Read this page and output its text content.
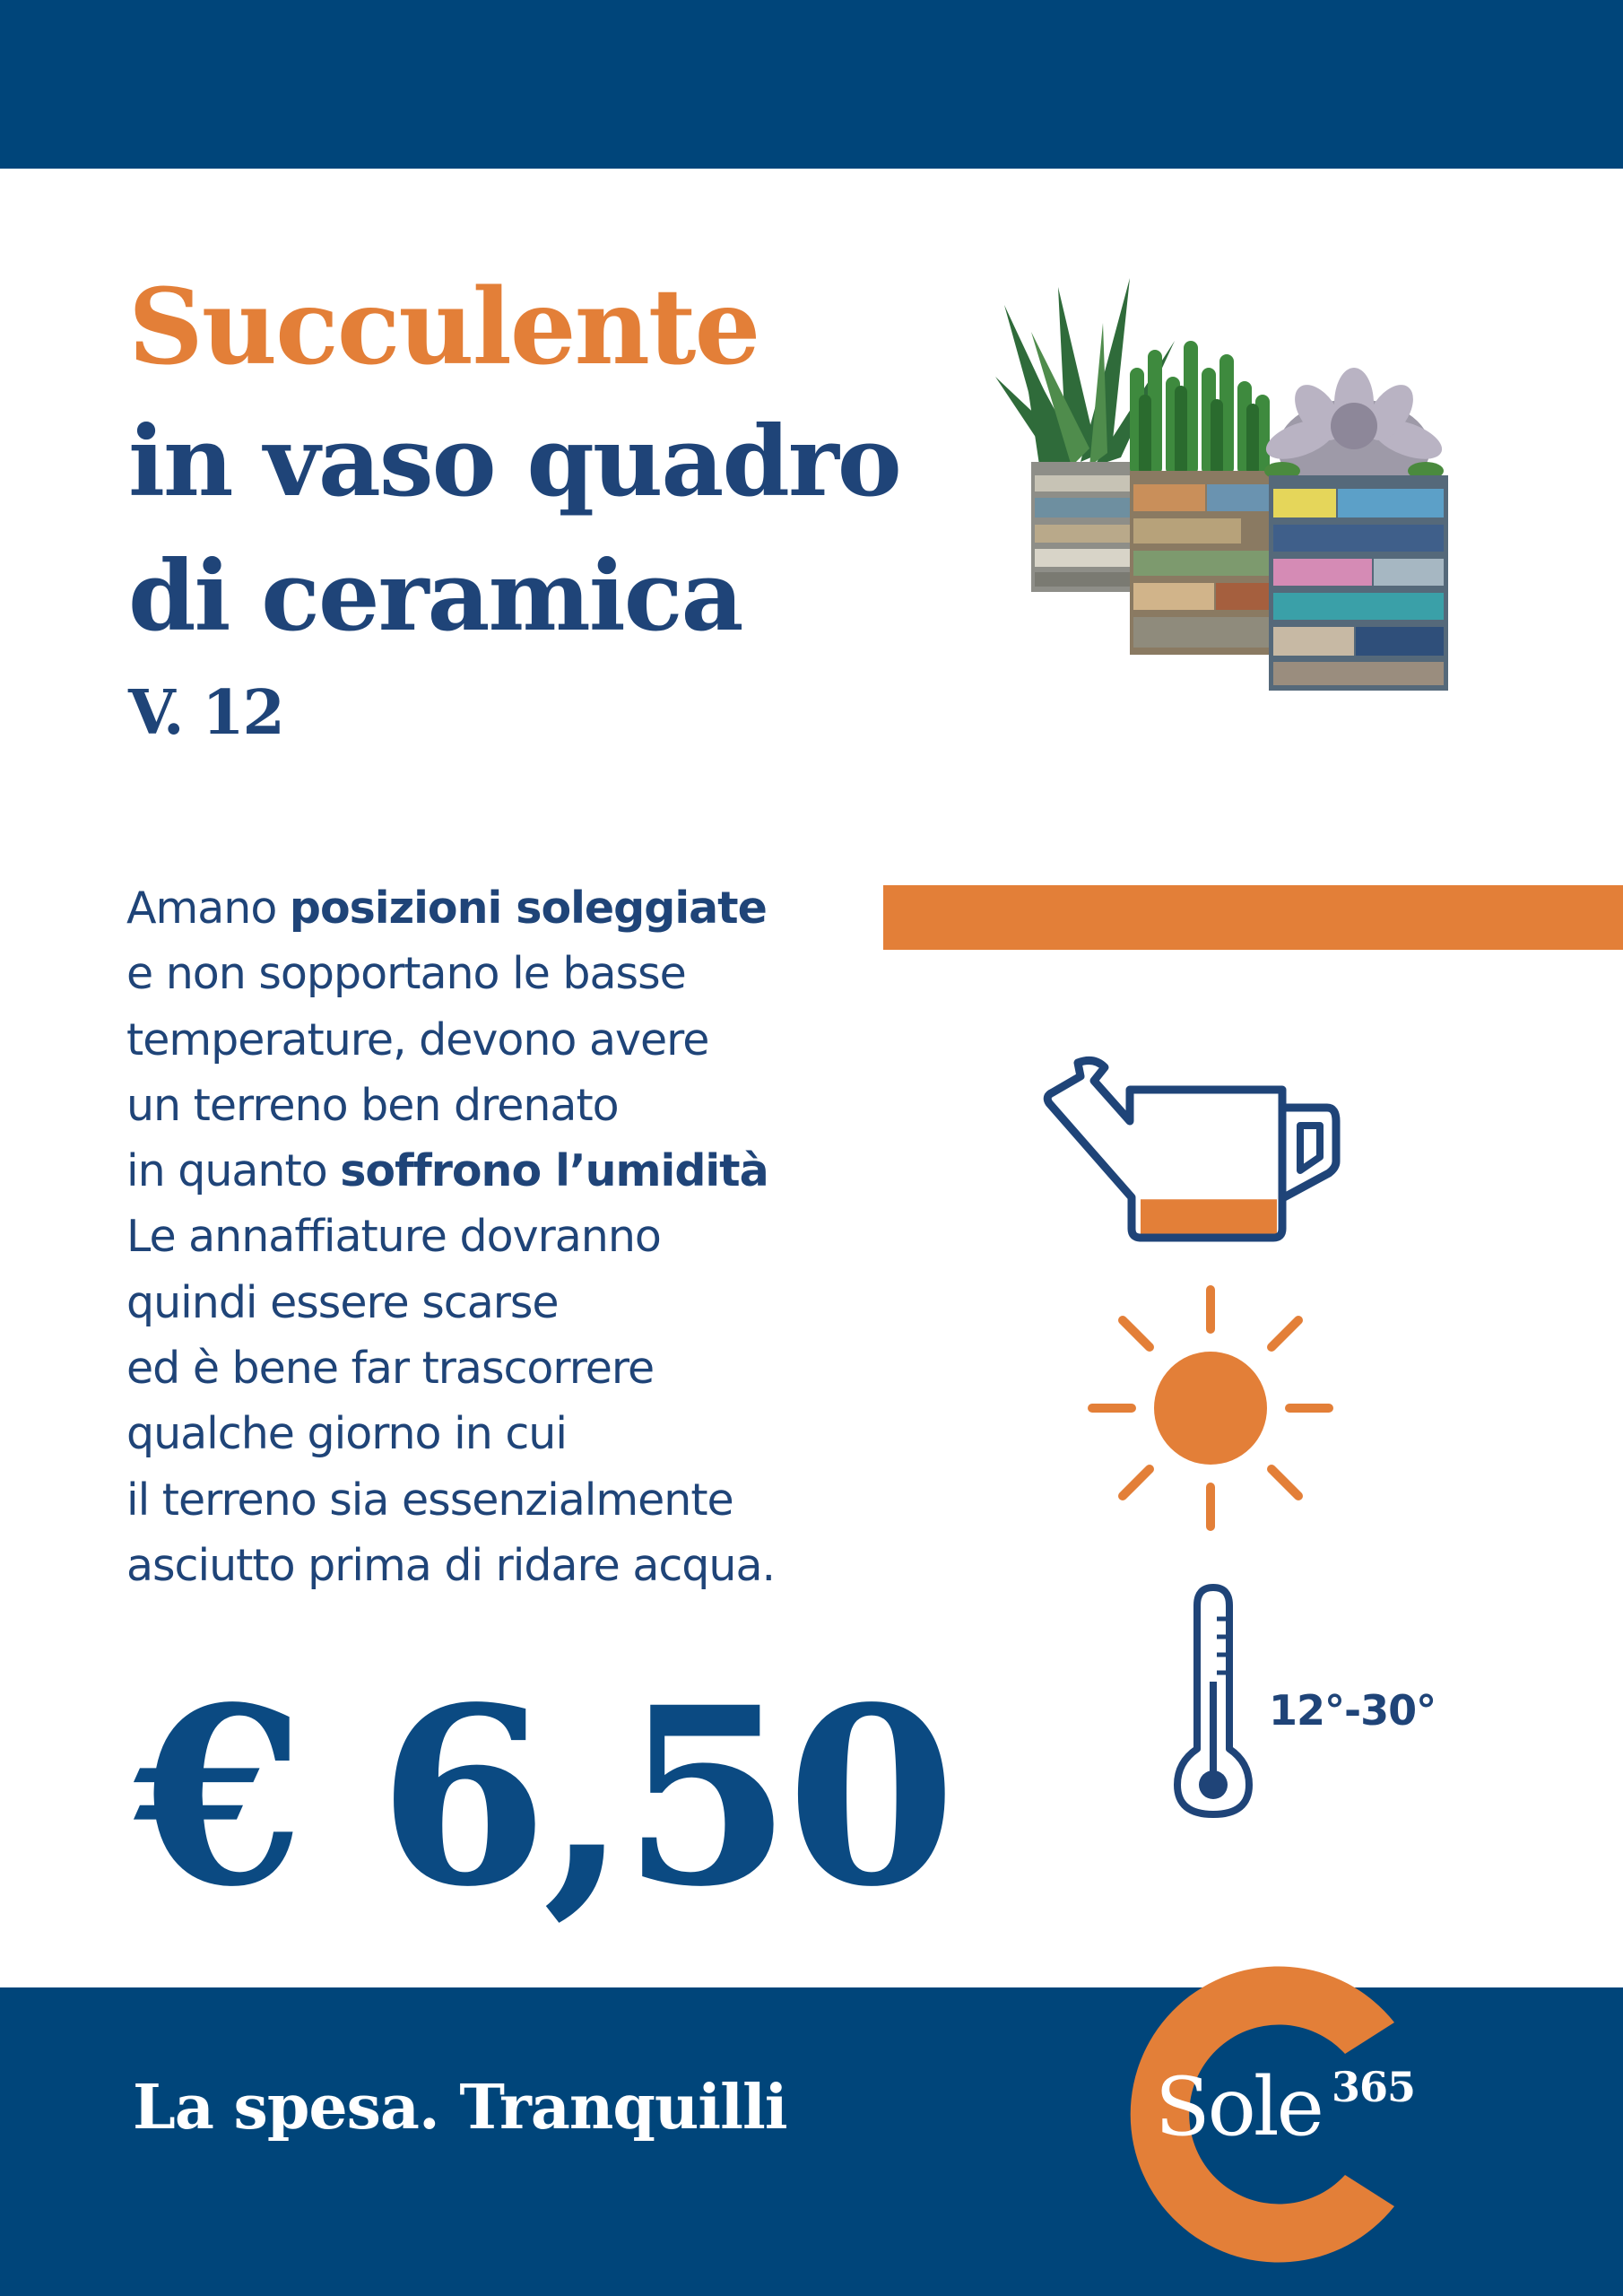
Succulente
in vaso quadro
di ceramica
V. 12

Amano posizioni soleggiate
e non sopportano le basse
temperature, devono avere
un terreno ben drenato
in quanto soffrono l’umidità
Le annaffiature dovranno
quindi essere scarse
ed è bene far trascorrere
qualche giorno in cui
il terreno sia essenzialmente
asciutto prima di ridare acqua.

12°-30°
€ 6,50
La spesa. Tranquilli	Sole 365
